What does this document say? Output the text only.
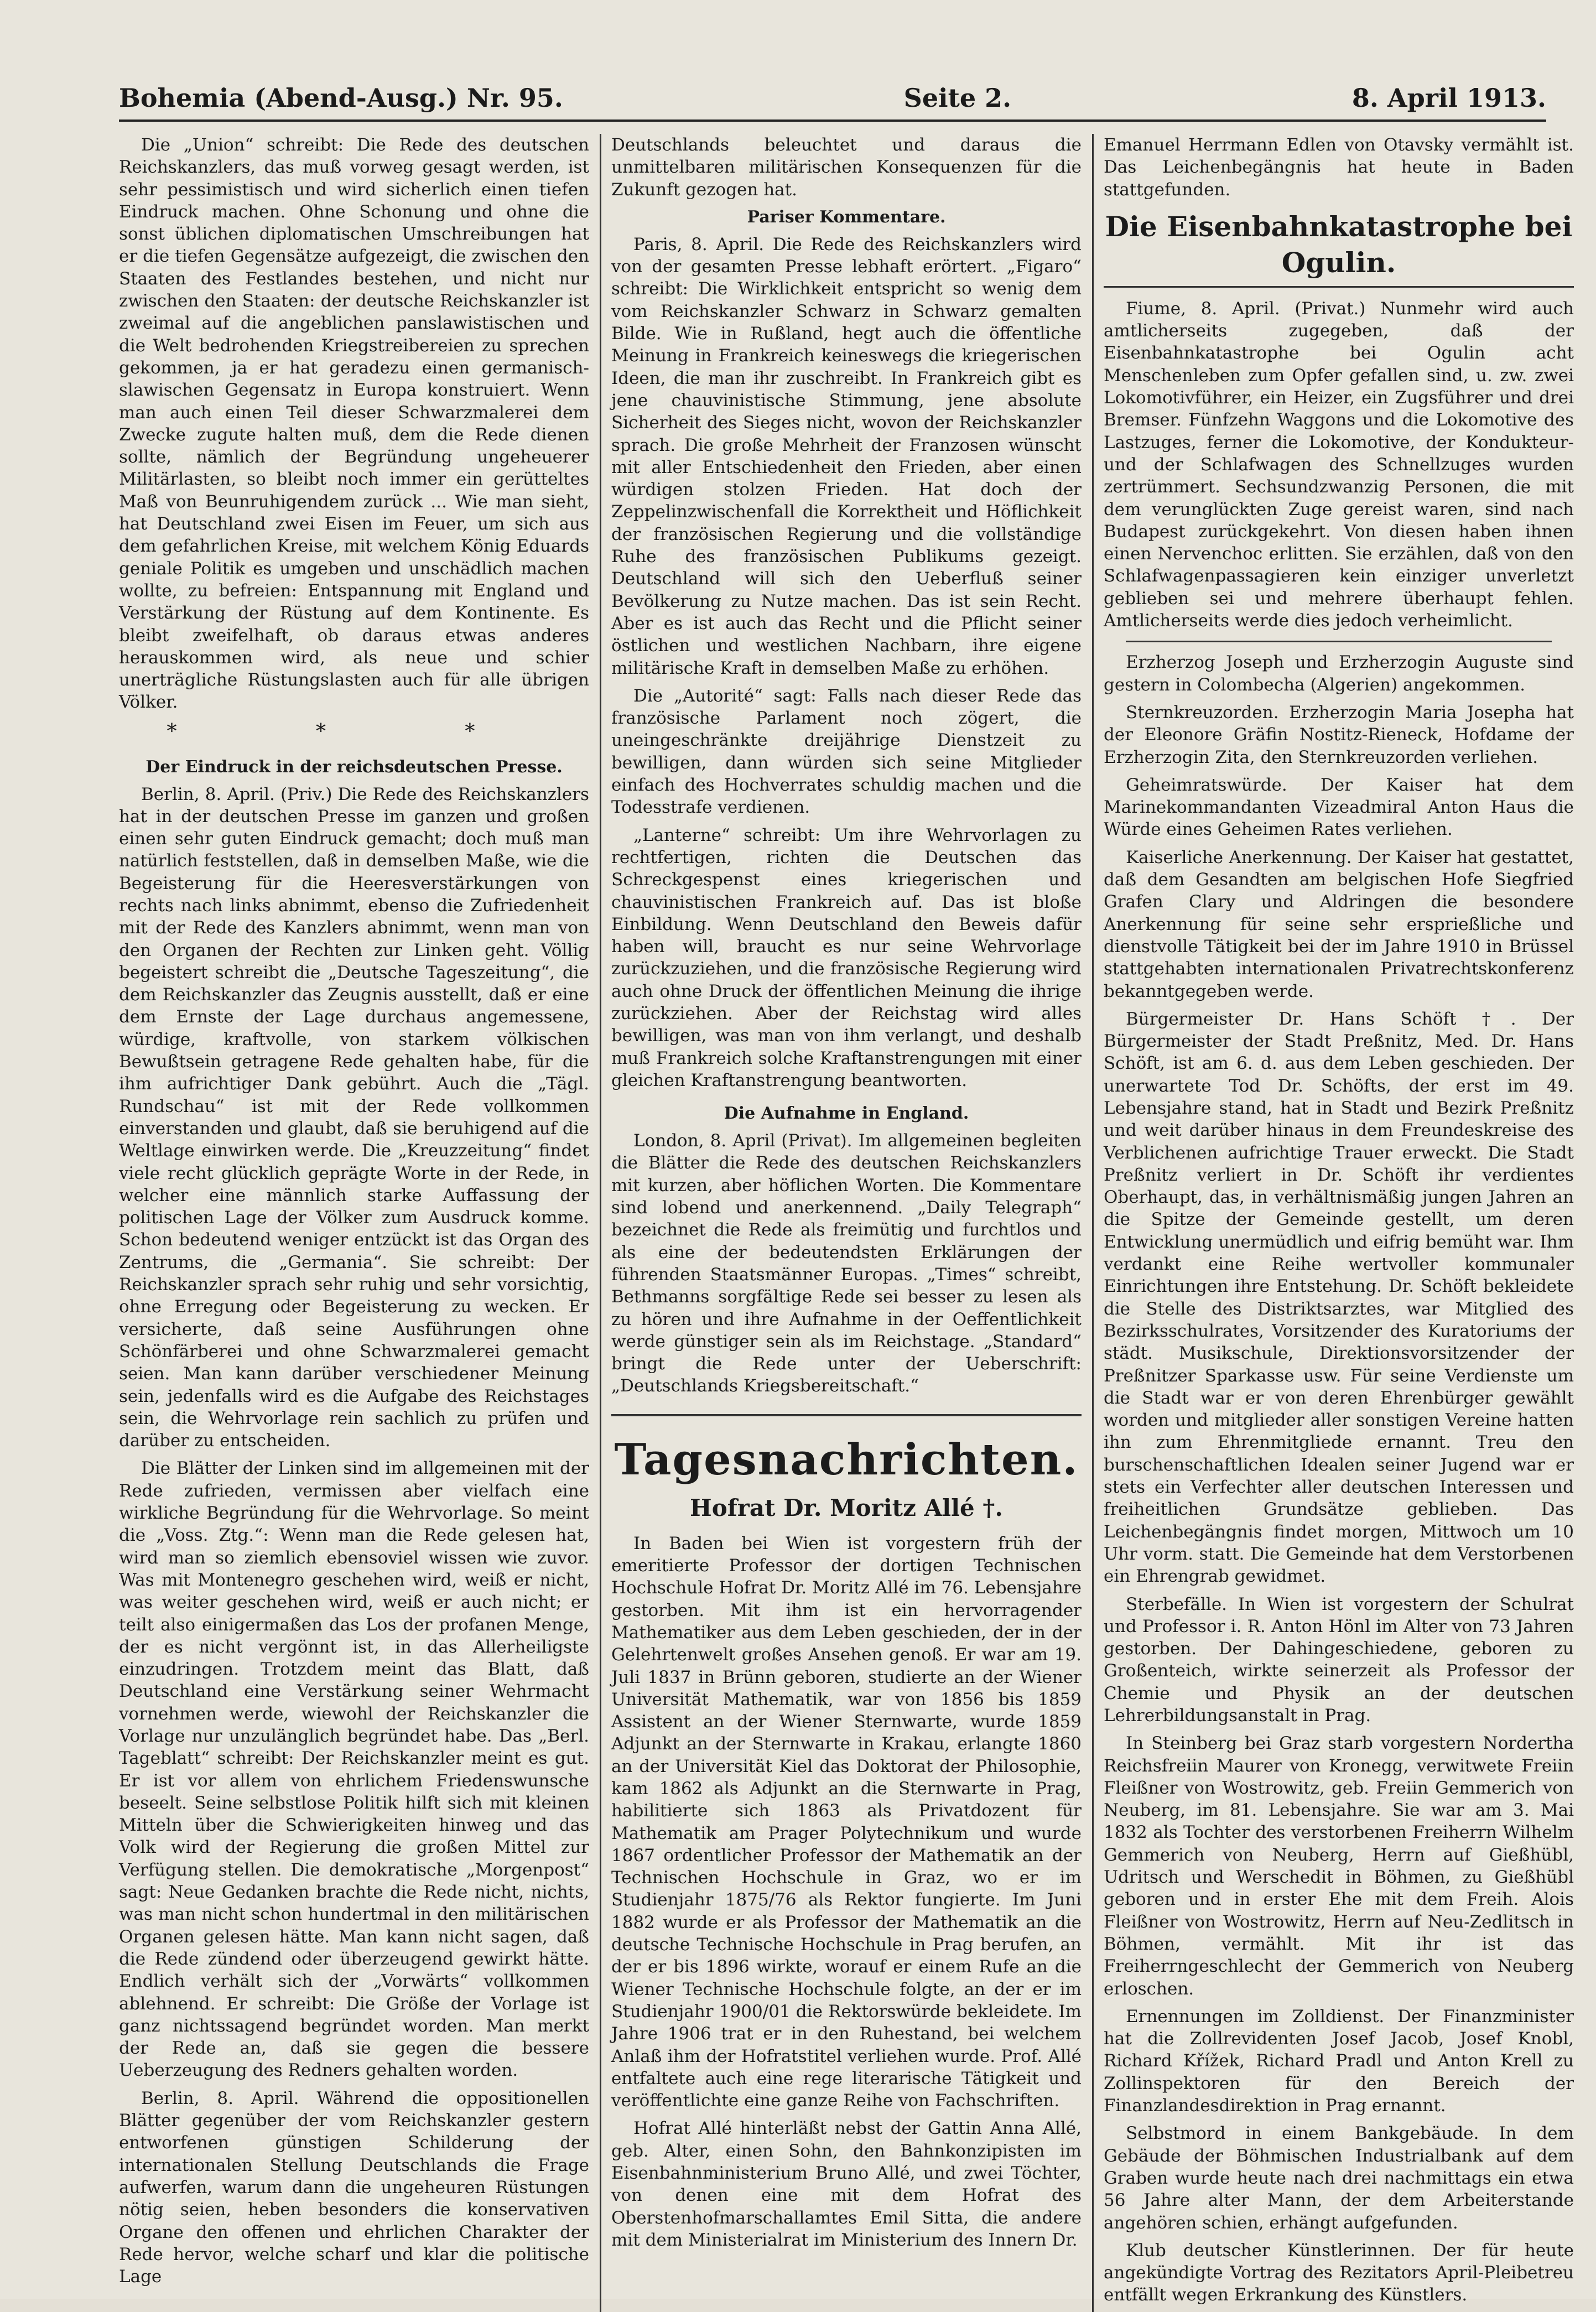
Bohemia (Abend-Ausg.) Nr. 95.	Seite 2.	8. April 1913.

Die „Union“ schreibt: Die Rede des deutschen Reichskanzlers, das muß vorweg gesagt werden, ist sehr pessimistisch und wird sicherlich einen tiefen Eindruck machen. Ohne Schonung und ohne die sonst üblichen diplomatischen Umschreibungen hat er die tiefen Gegensätze aufgezeigt, die zwischen den Staaten des Festlandes bestehen, und nicht nur zwischen den Staaten: der deutsche Reichskanzler ist zweimal auf die angeblichen panslawistischen und die Welt bedrohenden Kriegstreibereien zu sprechen gekommen, ja er hat geradezu einen germanisch-slawischen Gegensatz in Europa konstruiert. Wenn man auch einen Teil dieser Schwarzmalerei dem Zwecke zugute halten muß, dem die Rede dienen sollte, nämlich der Begründung ungeheuerer Militärlasten, so bleibt noch immer ein gerütteltes Maß von Beunruhigendem zurück ... Wie man sieht, hat Deutschland zwei Eisen im Feuer, um sich aus dem gefahrlichen Kreise, mit welchem König Eduards geniale Politik es umgeben und unschädlich machen wollte, zu befreien: Entspannung mit England und Verstärkung der Rüstung auf dem Kontinente. Es bleibt zweifelhaft, ob daraus etwas anderes herauskommen wird, als neue und schier unerträgliche Rüstungslasten auch für alle übrigen Völker.

* * *
Der Eindruck in der reichsdeutschen Presse.

Berlin, 8. April. (Priv.) Die Rede des Reichskanzlers hat in der deutschen Presse im ganzen und großen einen sehr guten Eindruck gemacht; doch muß man natürlich feststellen, daß in demselben Maße, wie die Begeisterung für die Heeresverstärkungen von rechts nach links abnimmt, ebenso die Zufriedenheit mit der Rede des Kanzlers abnimmt, wenn man von den Organen der Rechten zur Linken geht. Völlig begeistert schreibt die „Deutsche Tageszeitung“, die dem Reichskanzler das Zeugnis ausstellt, daß er eine dem Ernste der Lage durchaus angemessene, würdige, kraftvolle, von starkem völkischen Bewußtsein getragene Rede gehalten habe, für die ihm aufrichtiger Dank gebührt. Auch die „Tägl. Rundschau“ ist mit der Rede vollkommen einverstanden und glaubt, daß sie beruhigend auf die Weltlage einwirken werde. Die „Kreuzzeitung“ findet viele recht glücklich geprägte Worte in der Rede, in welcher eine männlich starke Auffassung der politischen Lage der Völker zum Ausdruck komme. Schon bedeutend weniger entzückt ist das Organ des Zentrums, die „Germania“. Sie schreibt: Der Reichskanzler sprach sehr ruhig und sehr vorsichtig, ohne Erregung oder Begeisterung zu wecken. Er versicherte, daß seine Ausführungen ohne Schönfärberei und ohne Schwarzmalerei gemacht seien. Man kann darüber verschiedener Meinung sein, jedenfalls wird es die Aufgabe des Reichstages sein, die Wehrvorlage rein sachlich zu prüfen und darüber zu entscheiden.

Die Blätter der Linken sind im allgemeinen mit der Rede zufrieden, vermissen aber vielfach eine wirkliche Begründung für die Wehrvorlage. So meint die „Voss. Ztg.“: Wenn man die Rede gelesen hat, wird man so ziemlich ebensoviel wissen wie zuvor. Was mit Montenegro geschehen wird, weiß er nicht, was weiter geschehen wird, weiß er auch nicht; er teilt also einigermaßen das Los der profanen Menge, der es nicht vergönnt ist, in das Allerheiligste einzudringen. Trotzdem meint das Blatt, daß Deutschland eine Verstärkung seiner Wehrmacht vornehmen werde, wiewohl der Reichskanzler die Vorlage nur unzulänglich begründet habe. Das „Berl. Tageblatt“ schreibt: Der Reichskanzler meint es gut. Er ist vor allem von ehrlichem Friedenswunsche beseelt. Seine selbstlose Politik hilft sich mit kleinen Mitteln über die Schwierigkeiten hinweg und das Volk wird der Regierung die großen Mittel zur Verfügung stellen. Die demokratische „Morgenpost“ sagt: Neue Gedanken brachte die Rede nicht, nichts, was man nicht schon hundertmal in den militärischen Organen gelesen hätte. Man kann nicht sagen, daß die Rede zündend oder überzeugend gewirkt hätte. Endlich verhält sich der „Vorwärts“ vollkommen ablehnend. Er schreibt: Die Größe der Vorlage ist ganz nichtssagend begründet worden. Man merkt der Rede an, daß sie gegen die bessere Ueberzeugung des Redners gehalten worden.

Berlin, 8. April. Während die oppositionellen Blätter gegenüber der vom Reichskanzler gestern entworfenen günstigen Schilderung der internationalen Stellung Deutschlands die Frage aufwerfen, warum dann die ungeheuren Rüstungen nötig seien, heben besonders die konservativen Organe den offenen und ehrlichen Charakter der Rede hervor, welche scharf und klar die politische Lage

Deutschlands beleuchtet und daraus die unmittelbaren militärischen Konsequenzen für die Zukunft gezogen hat.

Pariser Kommentare.

Paris, 8. April. Die Rede des Reichskanzlers wird von der gesamten Presse lebhaft erörtert. „Figaro“ schreibt: Die Wirklichkeit entspricht so wenig dem vom Reichskanzler Schwarz in Schwarz gemalten Bilde. Wie in Rußland, hegt auch die öffentliche Meinung in Frankreich keineswegs die kriegerischen Ideen, die man ihr zuschreibt. In Frankreich gibt es jene chauvinistische Stimmung, jene absolute Sicherheit des Sieges nicht, wovon der Reichskanzler sprach. Die große Mehrheit der Franzosen wünscht mit aller Entschiedenheit den Frieden, aber einen würdigen stolzen Frieden. Hat doch der Zeppelinzwischenfall die Korrektheit und Höflichkeit der französischen Regierung und die vollständige Ruhe des französischen Publikums gezeigt. Deutschland will sich den Ueberfluß seiner Bevölkerung zu Nutze machen. Das ist sein Recht. Aber es ist auch das Recht und die Pflicht seiner östlichen und westlichen Nachbarn, ihre eigene militärische Kraft in demselben Maße zu erhöhen.

Die „Autorité“ sagt: Falls nach dieser Rede das französische Parlament noch zögert, die uneingeschränkte dreijährige Dienstzeit zu bewilligen, dann würden sich seine Mitglieder einfach des Hochverrates schuldig machen und die Todesstrafe verdienen.

„Lanterne“ schreibt: Um ihre Wehrvorlagen zu rechtfertigen, richten die Deutschen das Schreckgespenst eines kriegerischen und chauvinistischen Frankreich auf. Das ist bloße Einbildung. Wenn Deutschland den Beweis dafür haben will, braucht es nur seine Wehrvorlage zurückzuziehen, und die französische Regierung wird auch ohne Druck der öffentlichen Meinung die ihrige zurückziehen. Aber der Reichstag wird alles bewilligen, was man von ihm verlangt, und deshalb muß Frankreich solche Kraftanstrengungen mit einer gleichen Kraftanstrengung beantworten.

Die Aufnahme in England.

London, 8. April (Privat). Im allgemeinen begleiten die Blätter die Rede des deutschen Reichskanzlers mit kurzen, aber höflichen Worten. Die Kommentare sind lobend und anerkennend. „Daily Telegraph“ bezeichnet die Rede als freimütig und furchtlos und als eine der bedeutendsten Erklärungen der führenden Staatsmänner Europas. „Times“ schreibt, Bethmanns sorgfältige Rede sei besser zu lesen als zu hören und ihre Aufnahme in der Oeffentlichkeit werde günstiger sein als im Reichstage. „Standard“ bringt die Rede unter der Ueberschrift: „Deutschlands Kriegsbereitschaft.“

Tagesnachrichten.
Hofrat Dr. Moritz Allé †.

In Baden bei Wien ist vorgestern früh der emeritierte Professor der dortigen Technischen Hochschule Hofrat Dr. Moritz Allé im 76. Lebensjahre gestorben. Mit ihm ist ein hervorragender Mathematiker aus dem Leben geschieden, der in der Gelehrtenwelt großes Ansehen genoß. Er war am 19. Juli 1837 in Brünn geboren, studierte an der Wiener Universität Mathematik, war von 1856 bis 1859 Assistent an der Wiener Sternwarte, wurde 1859 Adjunkt an der Sternwarte in Krakau, erlangte 1860 an der Universität Kiel das Doktorat der Philosophie, kam 1862 als Adjunkt an die Sternwarte in Prag, habilitierte sich 1863 als Privatdozent für Mathematik am Prager Polytechnikum und wurde 1867 ordentlicher Professor der Mathematik an der Technischen Hochschule in Graz, wo er im Studienjahr 1875/76 als Rektor fungierte. Im Juni 1882 wurde er als Professor der Mathematik an die deutsche Technische Hochschule in Prag berufen, an der er bis 1896 wirkte, worauf er einem Rufe an die Wiener Technische Hochschule folgte, an der er im Studienjahr 1900/01 die Rektorswürde bekleidete. Im Jahre 1906 trat er in den Ruhestand, bei welchem Anlaß ihm der Hofratstitel verliehen wurde. Prof. Allé entfaltete auch eine rege literarische Tätigkeit und veröffentlichte eine ganze Reihe von Fachschriften.

Hofrat Allé hinterläßt nebst der Gattin Anna Allé, geb. Alter, einen Sohn, den Bahnkonzipisten im Eisenbahnministerium Bruno Allé, und zwei Töchter, von denen eine mit dem Hofrat des Oberstenhofmarschallamtes Emil Sitta, die andere mit dem Ministerialrat im Ministerium des Innern Dr.

Emanuel Herrmann Edlen von Otavsky vermählt ist. Das Leichenbegängnis hat heute in Baden stattgefunden.

Die Eisenbahnkatastrophe bei Ogulin.

Fiume, 8. April. (Privat.) Nunmehr wird auch amtlicherseits zugegeben, daß der Eisenbahnkatastrophe bei Ogulin acht Menschenleben zum Opfer gefallen sind, u. zw. zwei Lokomotivführer, ein Heizer, ein Zugsführer und drei Bremser. Fünfzehn Waggons und die Lokomotive des Lastzuges, ferner die Lokomotive, der Kondukteur- und der Schlafwagen des Schnellzuges wurden zertrümmert. Sechsundzwanzig Personen, die mit dem verunglückten Zuge gereist waren, sind nach Budapest zurückgekehrt. Von diesen haben ihnen einen Nervenchoc erlitten. Sie erzählen, daß von den Schlafwagenpassagieren kein einziger unverletzt geblieben sei und mehrere überhaupt fehlen. Amtlicherseits werde dies jedoch verheimlicht.

Erzherzog Joseph und Erzherzogin Auguste sind gestern in Colombecha (Algerien) angekommen.

Sternkreuzorden. Erzherzogin Maria Josepha hat der Eleonore Gräfin Nostitz-Rieneck, Hofdame der Erzherzogin Zita, den Sternkreuzorden verliehen.

Geheimratswürde. Der Kaiser hat dem Marinekommandanten Vizeadmiral Anton Haus die Würde eines Geheimen Rates verliehen.

Kaiserliche Anerkennung. Der Kaiser hat gestattet, daß dem Gesandten am belgischen Hofe Siegfried Grafen Clary und Aldringen die besondere Anerkennung für seine sehr ersprießliche und dienstvolle Tätigkeit bei der im Jahre 1910 in Brüssel stattgehabten internationalen Privatrechtskonferenz bekanntgegeben werde.

Bürgermeister Dr. Hans Schöft †. Der Bürgermeister der Stadt Preßnitz, Med. Dr. Hans Schöft, ist am 6. d. aus dem Leben geschieden. Der unerwartete Tod Dr. Schöfts, der erst im 49. Lebensjahre stand, hat in Stadt und Bezirk Preßnitz und weit darüber hinaus in dem Freundeskreise des Verblichenen aufrichtige Trauer erweckt. Die Stadt Preßnitz verliert in Dr. Schöft ihr verdientes Oberhaupt, das, in verhältnismäßig jungen Jahren an die Spitze der Gemeinde gestellt, um deren Entwicklung unermüdlich und eifrig bemüht war. Ihm verdankt eine Reihe wertvoller kommunaler Einrichtungen ihre Entstehung. Dr. Schöft bekleidete die Stelle des Distriktsarztes, war Mitglied des Bezirksschulrates, Vorsitzender des Kuratoriums der städt. Musikschule, Direktionsvorsitzender der Preßnitzer Sparkasse usw. Für seine Verdienste um die Stadt war er von deren Ehrenbürger gewählt worden und mitglieder aller sonstigen Vereine hatten ihn zum Ehrenmitgliede ernannt. Treu den burschenschaftlichen Idealen seiner Jugend war er stets ein Verfechter aller deutschen Interessen und freiheitlichen Grundsätze geblieben. Das Leichenbegängnis findet morgen, Mittwoch um 10 Uhr vorm. statt. Die Gemeinde hat dem Verstorbenen ein Ehrengrab gewidmet.

Sterbefälle. In Wien ist vorgestern der Schulrat und Professor i. R. Anton Hönl im Alter von 73 Jahren gestorben. Der Dahingeschiedene, geboren zu Großenteich, wirkte seinerzeit als Professor der Chemie und Physik an der deutschen Lehrerbildungsanstalt in Prag.

In Steinberg bei Graz starb vorgestern Nordertha Reichsfreiin Maurer von Kronegg, verwitwete Freiin Fleißner von Wostrowitz, geb. Freiin Gemmerich von Neuberg, im 81. Lebensjahre. Sie war am 3. Mai 1832 als Tochter des verstorbenen Freiherrn Wilhelm Gemmerich von Neuberg, Herrn auf Gießhübl, Udritsch und Werschedit in Böhmen, zu Gießhübl geboren und in erster Ehe mit dem Freih. Alois Fleißner von Wostrowitz, Herrn auf Neu-Zedlitsch in Böhmen, vermählt. Mit ihr ist das Freiherrngeschlecht der Gemmerich von Neuberg erloschen.

Ernennungen im Zolldienst. Der Finanzminister hat die Zollrevidenten Josef Jacob, Josef Knobl, Richard Křížek, Richard Pradl und Anton Krell zu Zollinspektoren für den Bereich der Finanzlandesdirektion in Prag ernannt.

Selbstmord in einem Bankgebäude. In dem Gebäude der Böhmischen Industrialbank auf dem Graben wurde heute nach drei nachmittags ein etwa 56 Jahre alter Mann, der dem Arbeiterstande angehören schien, erhängt aufgefunden.

Klub deutscher Künstlerinnen. Der für heute angekündigte Vortrag des Rezitators April-Pleibetreu entfällt wegen Erkrankung des Künstlers.
